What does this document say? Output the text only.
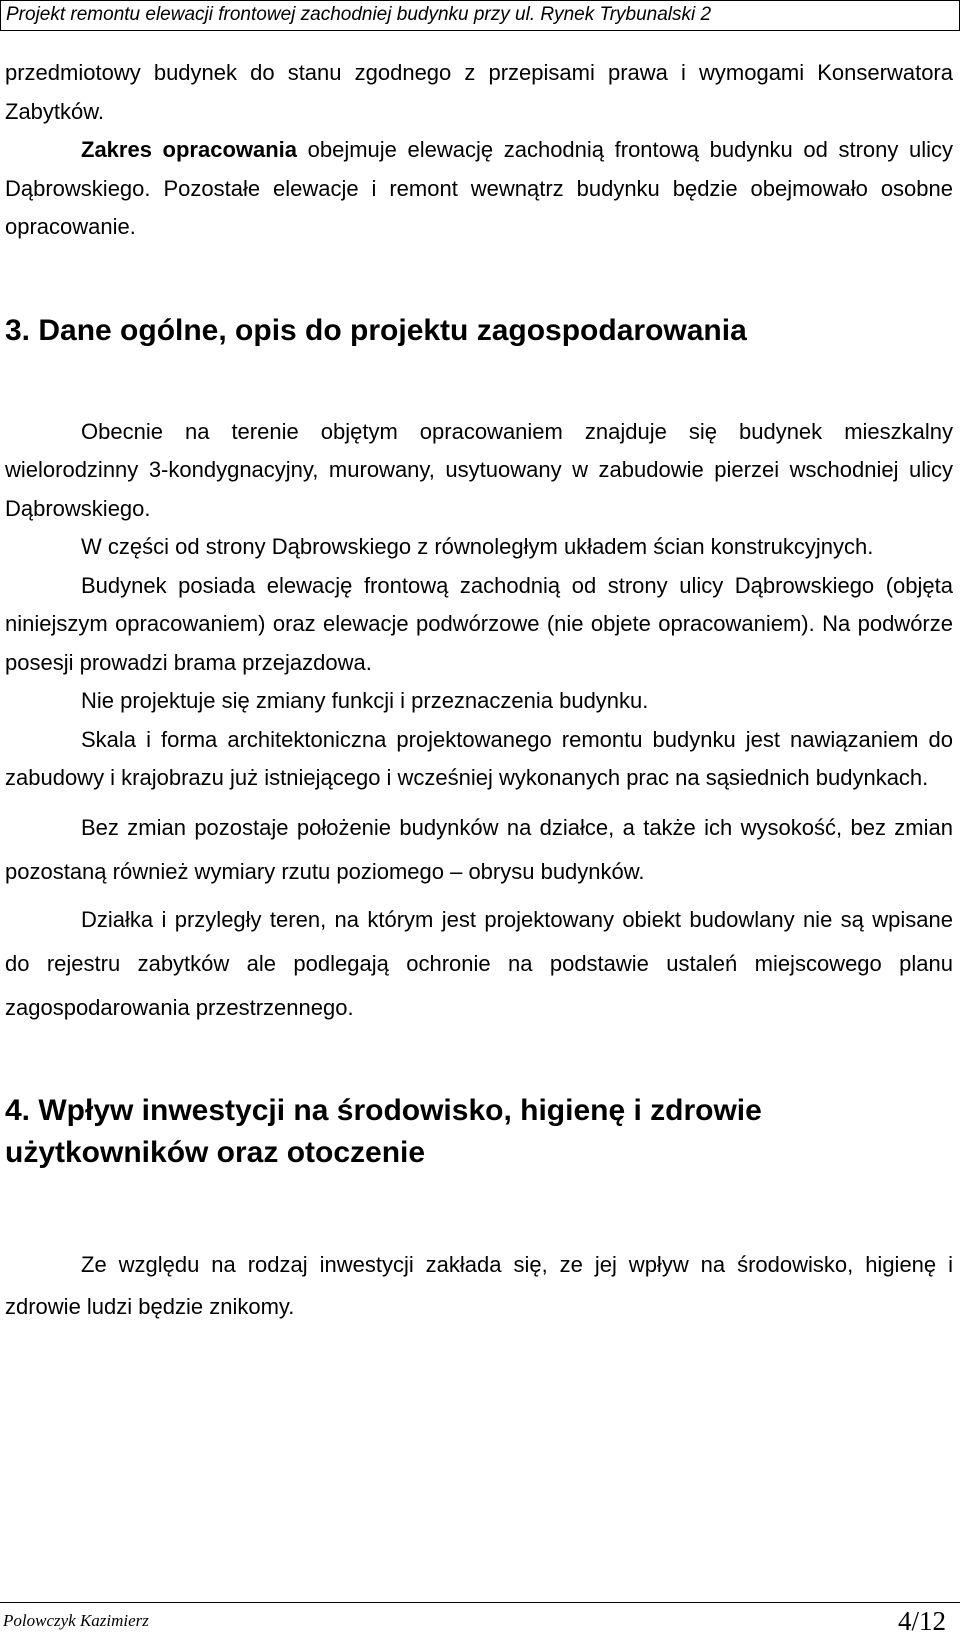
Projekt remontu elewacji frontowej zachodniej budynku przy ul. Rynek Trybunalski 2

przedmiotowy budynek do stanu zgodnego z przepisami prawa i wymogami Konserwatora Zabytków.

Zakres opracowania obejmuje elewację zachodnią frontową budynku od strony ulicy Dąbrowskiego. Pozostałe elewacje i remont wewnątrz budynku będzie obejmowało osobne opracowanie.

3. Dane ogólne, opis do projektu zagospodarowania

Obecnie na terenie objętym opracowaniem znajduje się budynek mieszkalny wielorodzinny 3-kondygnacyjny, murowany, usytuowany w zabudowie pierzei wschodniej ulicy Dąbrowskiego.

W części od strony Dąbrowskiego z równoległym układem ścian konstrukcyjnych.

Budynek posiada elewację frontową zachodnią od strony ulicy Dąbrowskiego (objęta niniejszym opracowaniem) oraz elewacje podwórzowe (nie objete opracowaniem). Na podwórze posesji prowadzi brama przejazdowa.

Nie projektuje się zmiany funkcji i przeznaczenia budynku.

Skala i forma architektoniczna projektowanego remontu budynku jest nawiązaniem do zabudowy i krajobrazu już istniejącego i wcześniej wykonanych prac na sąsiednich budynkach.

Bez zmian pozostaje położenie budynków na działce, a także ich wysokość, bez zmian pozostaną również wymiary rzutu poziomego – obrysu budynków.

Działka i przyległy teren, na którym jest projektowany obiekt budowlany nie są wpisane do rejestru zabytków ale podlegają ochronie na podstawie ustaleń miejscowego planu zagospodarowania przestrzennego.

4. Wpływ inwestycji na środowisko, higienę i zdrowie
użytkowników oraz otoczenie

Ze względu na rodzaj inwestycji zakłada się, ze jej wpływ na środowisko, higienę i zdrowie ludzi będzie znikomy.

Polowczyk Kazimierz	4/12
